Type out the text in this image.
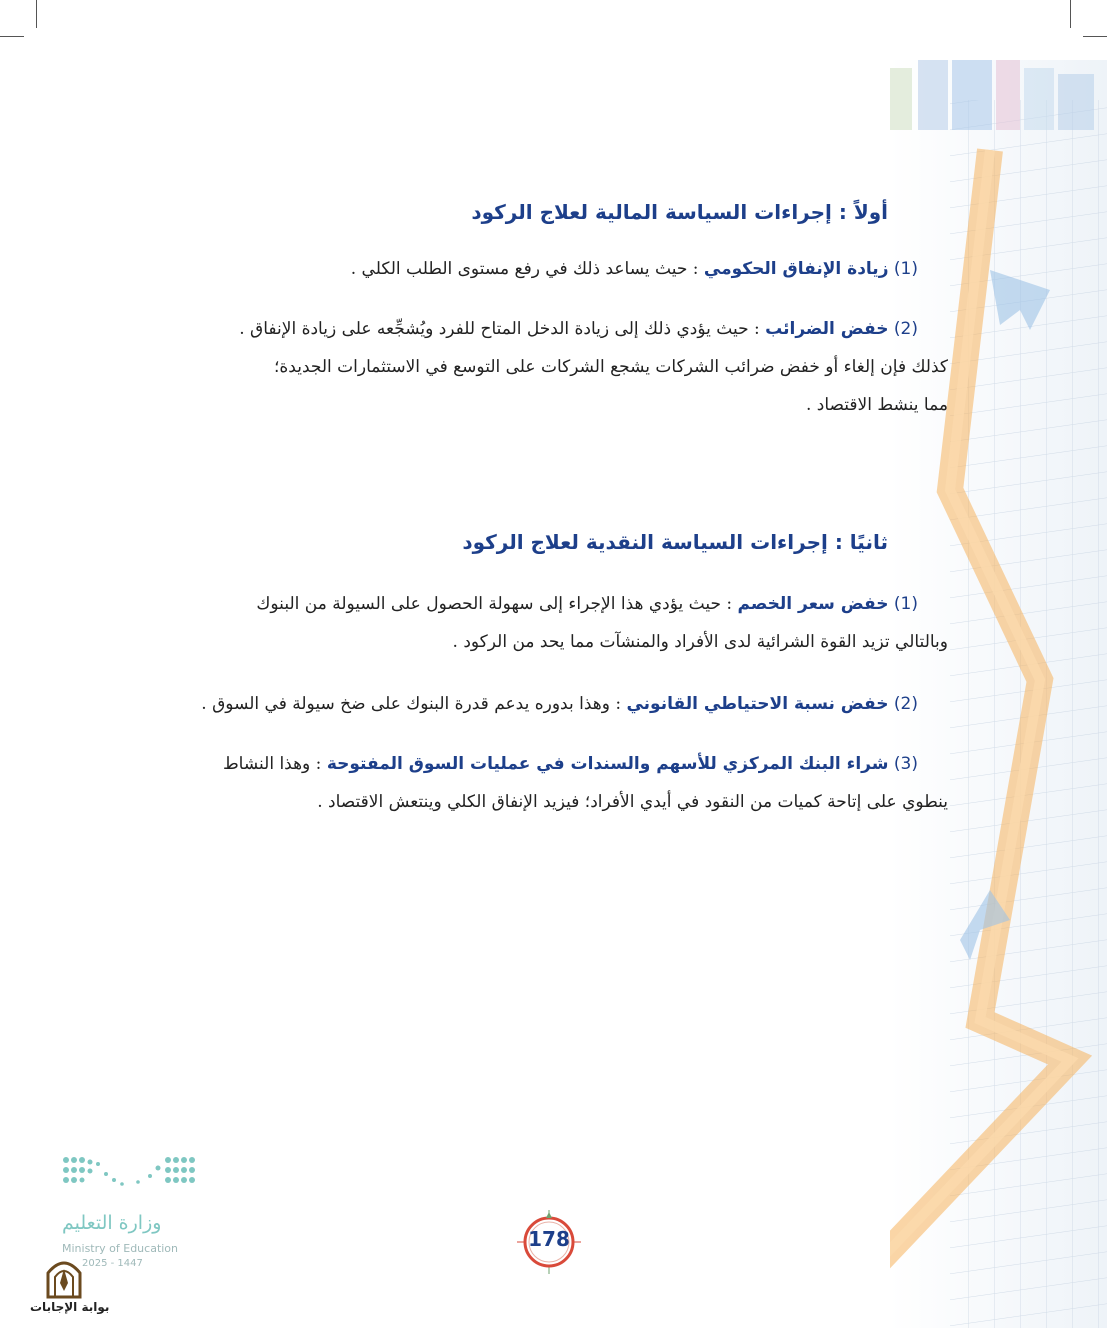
أولاً : إجراءات السياسة المالية لعلاج الركود

(1) زيادة الإنفاق الحكومي : حيث يساعد ذلك في رفع مستوى الطلب الكلي .

(2) خفض الضرائب : حيث يؤدي ذلك إلى زيادة الدخل المتاح للفرد ويُشجِّعه على زيادة الإنفاق .

كذلك فإن إلغاء أو خفض ضرائب الشركات يشجع الشركات على التوسع في الاستثمارات الجديدة؛

مما ينشط الاقتصاد .

ثانيًا : إجراءات السياسة النقدية لعلاج الركود

(1) خفض سعر الخصم : حيث يؤدي هذا الإجراء إلى سهولة الحصول على السيولة من البنوك

وبالتالي تزيد القوة الشرائية لدى الأفراد والمنشآت مما يحد من الركود .

(2) خفض نسبة الاحتياطي القانوني : وهذا بدوره يدعم قدرة البنوك على ضخ سيولة في السوق .

(3) شراء البنك المركزي للأسهم والسندات في عمليات السوق المفتوحة : وهذا النشاط

ينطوي على إتاحة كميات من النقود في أيدي الأفراد؛ فيزيد الإنفاق الكلي وينتعش الاقتصاد .

وزارة التعليم
Ministry of Education
2025 - 1447
بوابة الإجابات
178
